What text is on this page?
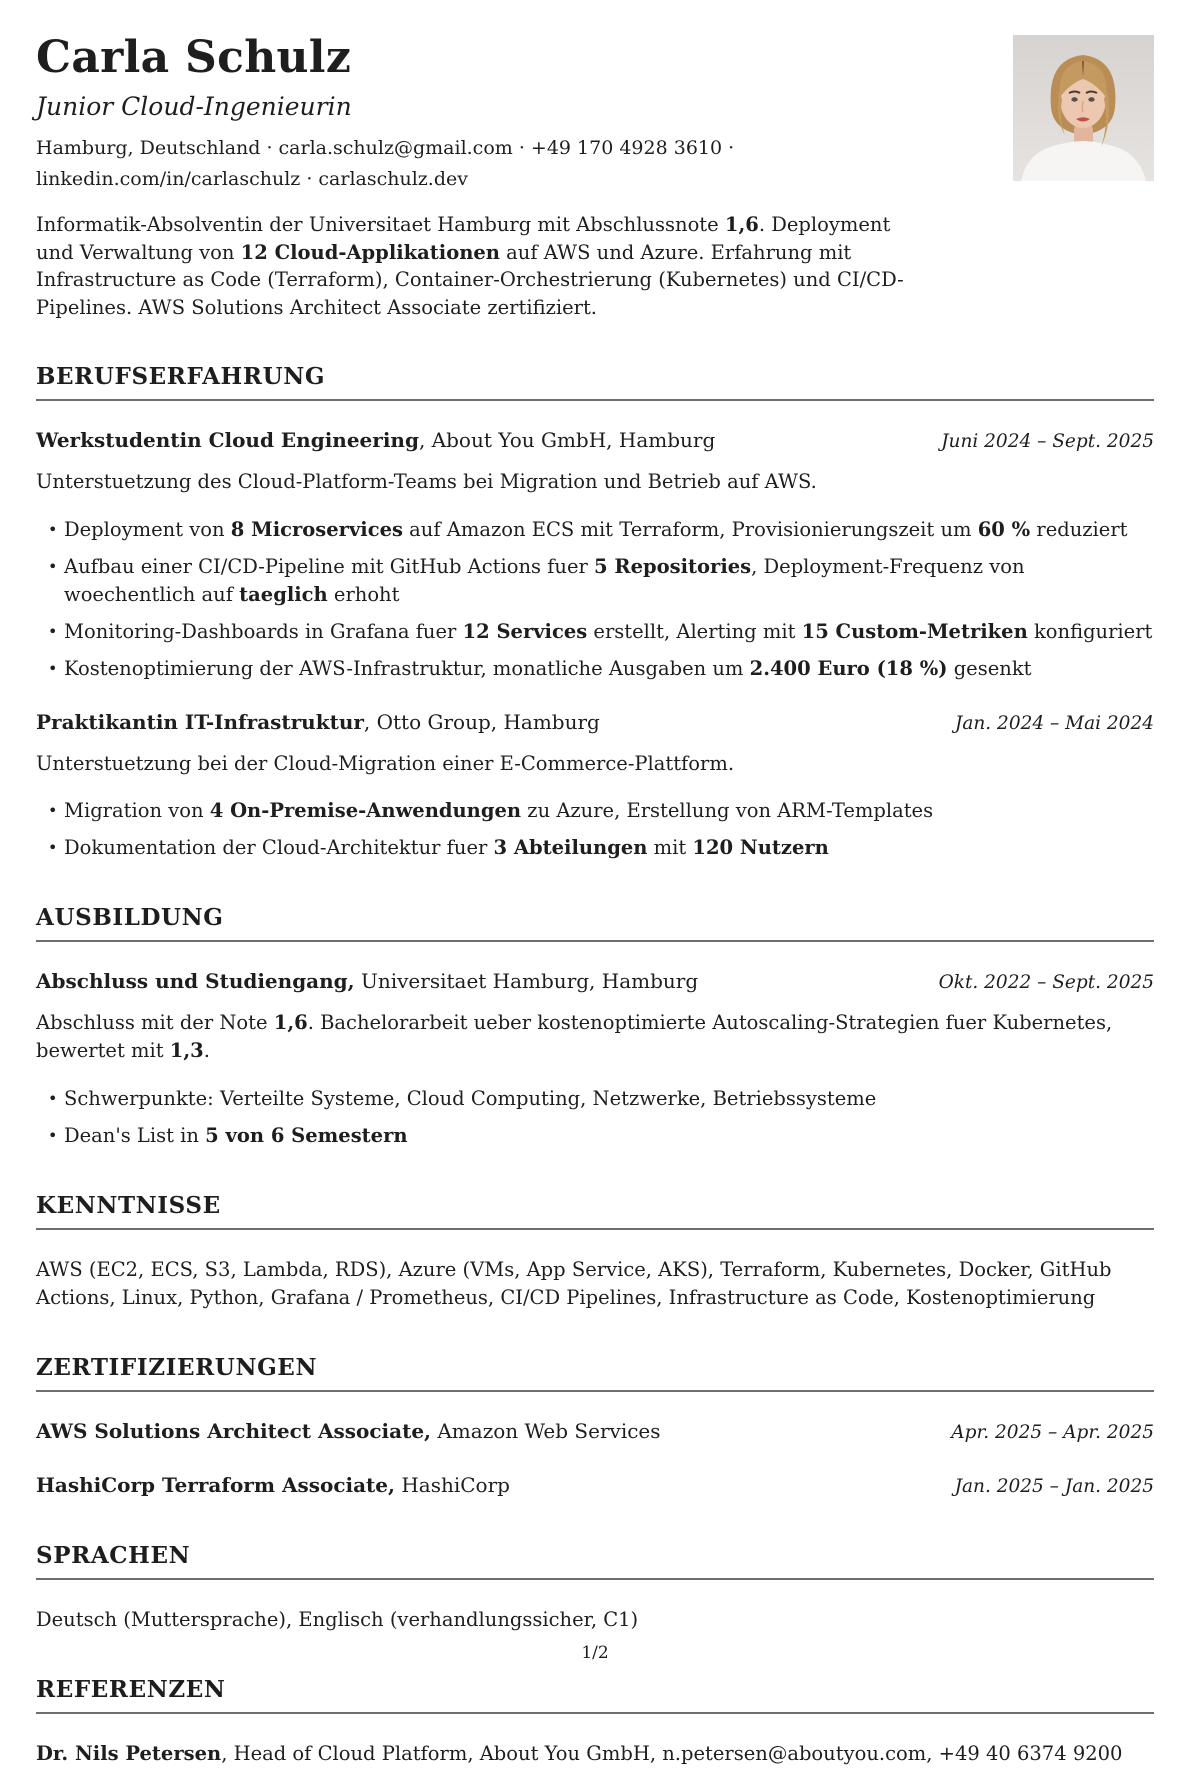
Carla Schulz

Junior Cloud-Ingenieurin

Hamburg, Deutschland · carla.schulz@gmail.com · +49 170 4928 3610 ·
linkedin.com/in/carlaschulz · carlaschulz.dev

Informatik-Absolventin der Universitaet Hamburg mit Abschlussnote 1,6. Deployment und Verwaltung von 12 Cloud-Applikationen auf AWS und Azure. Erfahrung mit Infrastructure as Code (Terraform), Container-Orchestrierung (Kubernetes) und CI/CD-Pipelines. AWS Solutions Architect Associate zertifiziert.

BERUFSERFAHRUNG
Werkstudentin Cloud Engineering, About You GmbH, Hamburg	Juni 2024 – Sept. 2025

Unterstuetzung des Cloud-Platform-Teams bei Migration und Betrieb auf AWS.

• Deployment von 8 Microservices auf Amazon ECS mit Terraform, Provisionierungszeit um 60 % reduziert
• Aufbau einer CI/CD-Pipeline mit GitHub Actions fuer 5 Repositories, Deployment-Frequenz von woechentlich auf taeglich erhoht
• Monitoring-Dashboards in Grafana fuer 12 Services erstellt, Alerting mit 15 Custom-Metriken konfiguriert
• Kostenoptimierung der AWS-Infrastruktur, monatliche Ausgaben um 2.400 Euro (18 %) gesenkt
Praktikantin IT-Infrastruktur, Otto Group, Hamburg	Jan. 2024 – Mai 2024

Unterstuetzung bei der Cloud-Migration einer E-Commerce-Plattform.

• Migration von 4 On-Premise-Anwendungen zu Azure, Erstellung von ARM-Templates
• Dokumentation der Cloud-Architektur fuer 3 Abteilungen mit 120 Nutzern
AUSBILDUNG
Abschluss und Studiengang, Universitaet Hamburg, Hamburg	Okt. 2022 – Sept. 2025

Abschluss mit der Note 1,6. Bachelorarbeit ueber kostenoptimierte Autoscaling-Strategien fuer Kubernetes, bewertet mit 1,3.

• Schwerpunkte: Verteilte Systeme, Cloud Computing, Netzwerke, Betriebssysteme
• Dean's List in 5 von 6 Semestern
KENNTNISSE

AWS (EC2, ECS, S3, Lambda, RDS), Azure (VMs, App Service, AKS), Terraform, Kubernetes, Docker, GitHub Actions, Linux, Python, Grafana / Prometheus, CI/CD Pipelines, Infrastructure as Code, Kostenoptimierung

ZERTIFIZIERUNGEN
AWS Solutions Architect Associate, Amazon Web Services	Apr. 2025 – Apr. 2025
HashiCorp Terraform Associate, HashiCorp	Jan. 2025 – Jan. 2025
SPRACHEN

Deutsch (Muttersprache), Englisch (verhandlungssicher, C1)

REFERENZEN

Dr. Nils Petersen, Head of Cloud Platform, About You GmbH, n.petersen@aboutyou.com, +49 40 6374 9200

1/2
